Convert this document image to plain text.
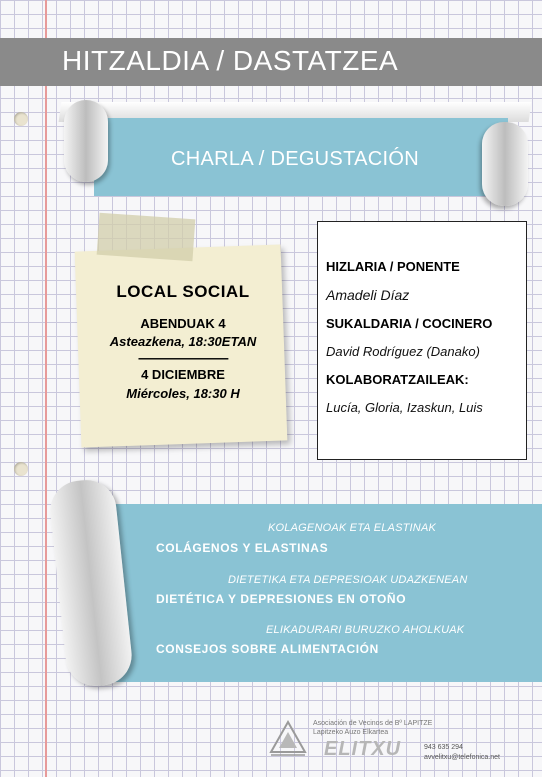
HITZALDIA / DASTATZEA
CHARLA / DEGUSTACIÓN
LOCAL SOCIAL
ABENDUAK 4
Asteazkena, 18:30ETAN
------------------------------
4 DICIEMBRE
Miércoles, 18:30 H
HIZLARIA / PONENTE
Amadeli Díaz
SUKALDARIA / COCINERO
David Rodríguez (Danako)
KOLABORATZAILEAK:
Lucía, Gloria, Izaskun, Luis
KOLAGENOAK ETA ELASTINAK
COLÁGENOS Y ELASTINAS
DIETETIKA ETA DEPRESIOAK UDAZKENEAN
DIETÉTICA Y DEPRESIONES EN OTOÑO
ELIKADURARI BURUZKO AHOLKUAK
CONSEJOS SOBRE ALIMENTACIÓN
Asociación de Vecinos de Bº LAPITZE
Lapitzeko Auzo Elkartea
ELITXU	943 635 294
avvelitxu@telefonica.net
